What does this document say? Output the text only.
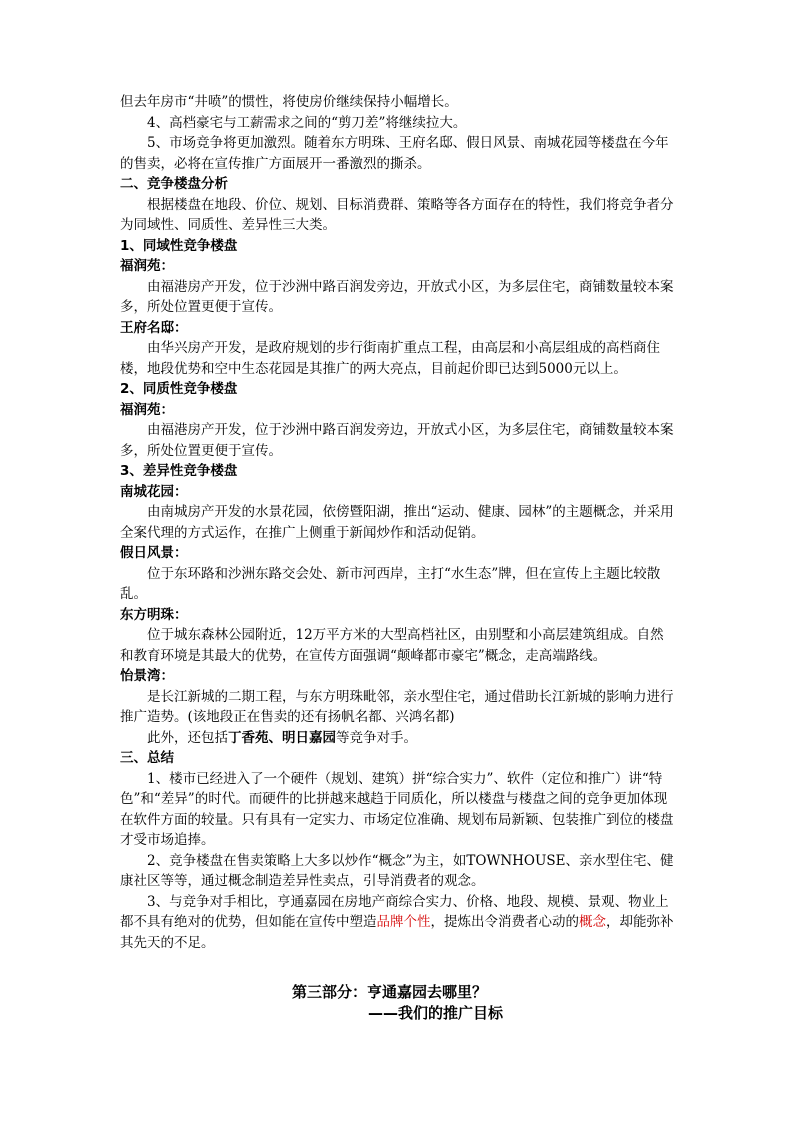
但去年房市“井喷”的惯性，将使房价继续保持小幅增长。
4、高档豪宅与工薪需求之间的“剪刀差”将继续拉大。
5、市场竞争将更加激烈。随着东方明珠、王府名邸、假日风景、南城花园等楼盘在今年的售卖，必将在宣传推广方面展开一番激烈的撕杀。
二、竞争楼盘分析
根据楼盘在地段、价位、规划、目标消费群、策略等各方面存在的特性，我们将竞争者分为同域性、同质性、差异性三大类。
1、同域性竞争楼盘
福润苑：
由福港房产开发，位于沙洲中路百润发旁边，开放式小区，为多层住宅，商铺数量较本案多，所处位置更便于宣传。
王府名邸：
由华兴房产开发，是政府规划的步行街南扩重点工程，由高层和小高层组成的高档商住楼，地段优势和空中生态花园是其推广的两大亮点，目前起价即已达到5000元以上。
2、同质性竞争楼盘
福润苑：
由福港房产开发，位于沙洲中路百润发旁边，开放式小区，为多层住宅，商铺数量较本案多，所处位置更便于宣传。
3、差异性竞争楼盘
南城花园：
由南城房产开发的水景花园，依傍暨阳湖，推出“运动、健康、园林”的主题概念，并采用全案代理的方式运作，在推广上侧重于新闻炒作和活动促销。
假日风景：
位于东环路和沙洲东路交会处、新市河西岸，主打“水生态”牌，但在宣传上主题比较散乱。
东方明珠：
位于城东森林公园附近，12万平方米的大型高档社区，由别墅和小高层建筑组成。自然和教育环境是其最大的优势，在宣传方面强调“颠峰都市豪宅”概念，走高端路线。
怡景湾：
是长江新城的二期工程，与东方明珠毗邻，亲水型住宅，通过借助长江新城的影响力进行推广造势。(该地段正在售卖的还有扬帆名都、兴鸿名都)
此外，还包括丁香苑、明日嘉园等竞争对手。
三、总结
1、楼市已经进入了一个硬件（规划、建筑）拼“综合实力”、软件（定位和推广）讲“特色”和“差异”的时代。而硬件的比拼越来越趋于同质化，所以楼盘与楼盘之间的竞争更加体现在软件方面的较量。只有具有一定实力、市场定位准确、规划布局新颖、包装推广到位的楼盘才受市场追捧。
2、竞争楼盘在售卖策略上大多以炒作“概念”为主，如TOWNHOUSE、亲水型住宅、健康社区等等，通过概念制造差异性卖点，引导消费者的观念。
3、与竞争对手相比，亨通嘉园在房地产商综合实力、价格、地段、规模、景观、物业上都不具有绝对的优势，但如能在宣传中塑造品牌个性，提炼出令消费者心动的概念，却能弥补其先天的不足。
第三部分：亨通嘉园去哪里？
——我们的推广目标
